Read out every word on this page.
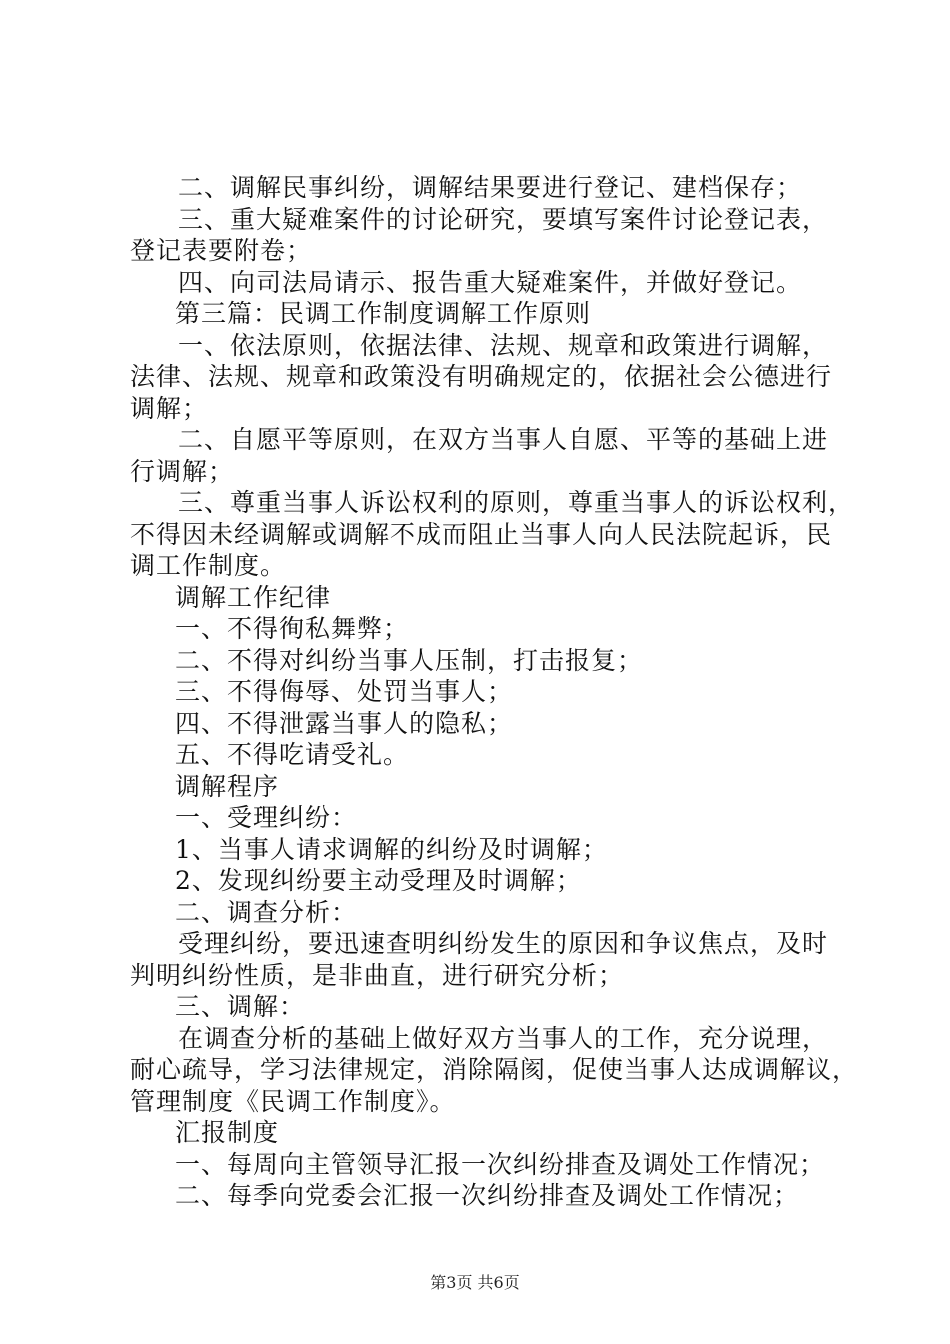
二、调解民事纠纷，调解结果要进行登记、建档保存；
三、重大疑难案件的讨论研究，要填写案件讨论登记表，
登记表要附卷；
四、向司法局请示、报告重大疑难案件，并做好登记。
第三篇：民调工作制度调解工作原则
一、依法原则，依据法律、法规、规章和政策进行调解，
法律、法规、规章和政策没有明确规定的，依据社会公德进行
调解；
二、自愿平等原则，在双方当事人自愿、平等的基础上进
行调解；
三、尊重当事人诉讼权利的原则，尊重当事人的诉讼权利，
不得因未经调解或调解不成而阻止当事人向人民法院起诉，民
调工作制度。
调解工作纪律
一、不得徇私舞弊；
二、不得对纠纷当事人压制，打击报复；
三、不得侮辱、处罚当事人；
四、不得泄露当事人的隐私；
五、不得吃请受礼。
调解程序
一、受理纠纷：
1、当事人请求调解的纠纷及时调解；
2、发现纠纷要主动受理及时调解；
二、调查分析：
受理纠纷，要迅速查明纠纷发生的原因和争议焦点，及时
判明纠纷性质，是非曲直，进行研究分析；
三、调解：
在调查分析的基础上做好双方当事人的工作，充分说理，
耐心疏导，学习法律规定，消除隔阂，促使当事人达成调解议，
管理制度《民调工作制度》。
汇报制度
一、每周向主管领导汇报一次纠纷排查及调处工作情况；
二、每季向党委会汇报一次纠纷排查及调处工作情况；
第3页 共6页
